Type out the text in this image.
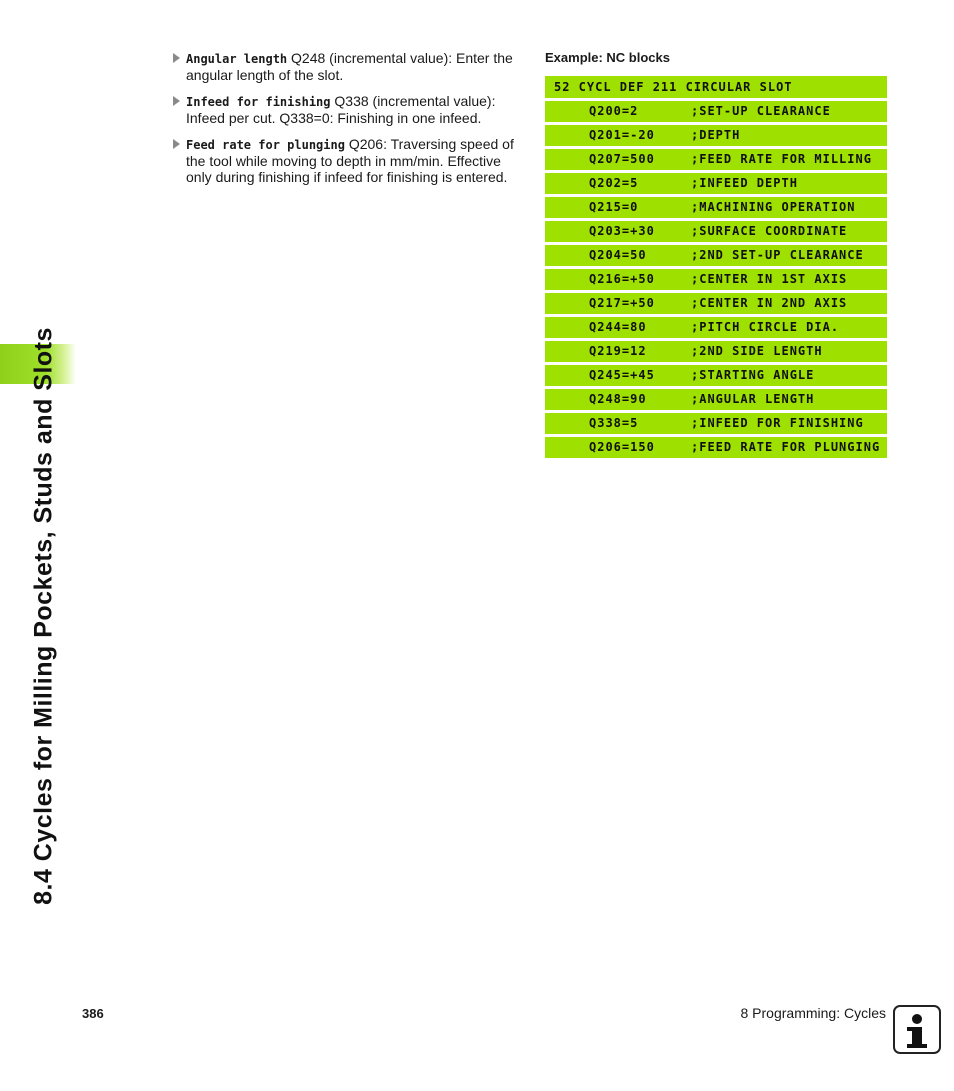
8.4 Cycles for Milling Pockets, Studs and Slots
Angular length Q248 (incremental value): Enter the angular length of the slot.
Infeed for finishing Q338 (incremental value): Infeed per cut. Q338=0: Finishing in one infeed.
Feed rate for plunging Q206: Traversing speed of the tool while moving to depth in mm/min. Effective only during finishing if infeed for finishing is entered.
Example: NC blocks
52 CYCL DEF 211 CIRCULAR SLOT
Q200=2	;SET-UP CLEARANCE
Q201=-20	;DEPTH
Q207=500	;FEED RATE FOR MILLING
Q202=5	;INFEED DEPTH
Q215=0	;MACHINING OPERATION
Q203=+30	;SURFACE COORDINATE
Q204=50	;2ND SET-UP CLEARANCE
Q216=+50	;CENTER IN 1ST AXIS
Q217=+50	;CENTER IN 2ND AXIS
Q244=80	;PITCH CIRCLE DIA.
Q219=12	;2ND SIDE LENGTH
Q245=+45	;STARTING ANGLE
Q248=90	;ANGULAR LENGTH
Q338=5	;INFEED FOR FINISHING
Q206=150	;FEED RATE FOR PLUNGING
386	8 Programming: Cycles
